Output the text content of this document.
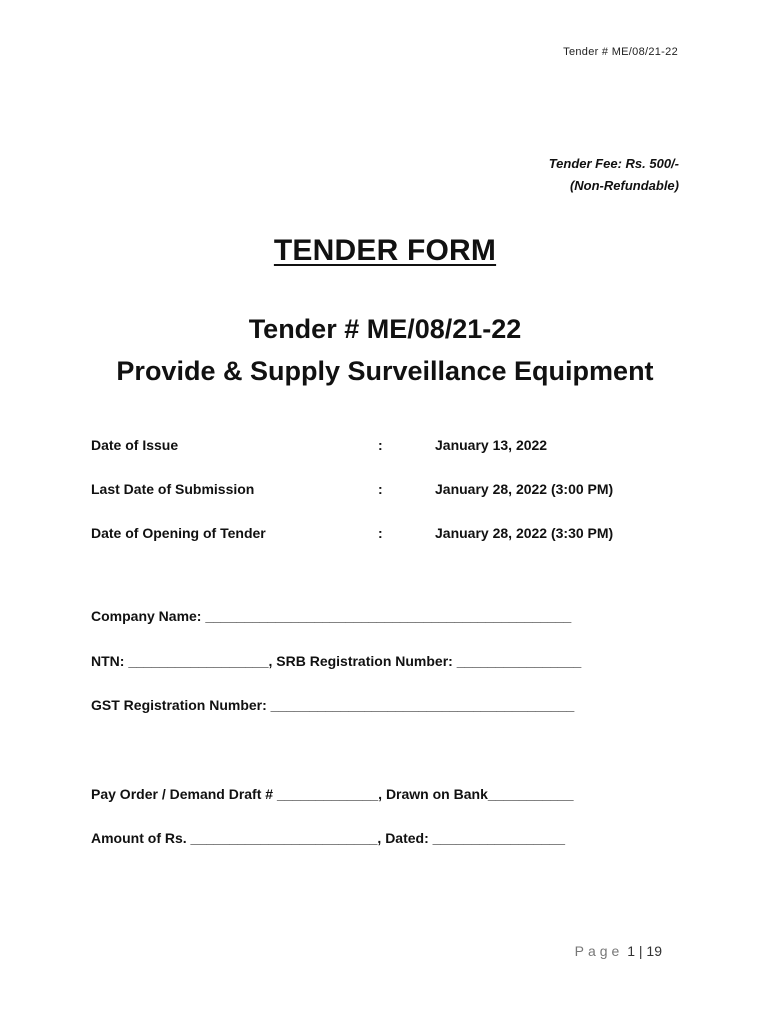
Tender # ME/08/21-22
Tender Fee: Rs. 500/-
(Non-Refundable)
TENDER FORM
Tender # ME/08/21-22
Provide & Supply Surveillance Equipment
Date of Issue	:	January 13, 2022
Last Date of Submission	:	January 28, 2022 (3:00 PM)
Date of Opening of Tender	:	January 28, 2022 (3:30 PM)
Company Name: _______________________________________________
NTN: __________________, SRB Registration Number: ________________
GST Registration Number: _______________________________________
Pay Order / Demand Draft # _____________, Drawn on Bank___________
Amount of Rs. ________________________, Dated: _________________
Page 1 | 19
